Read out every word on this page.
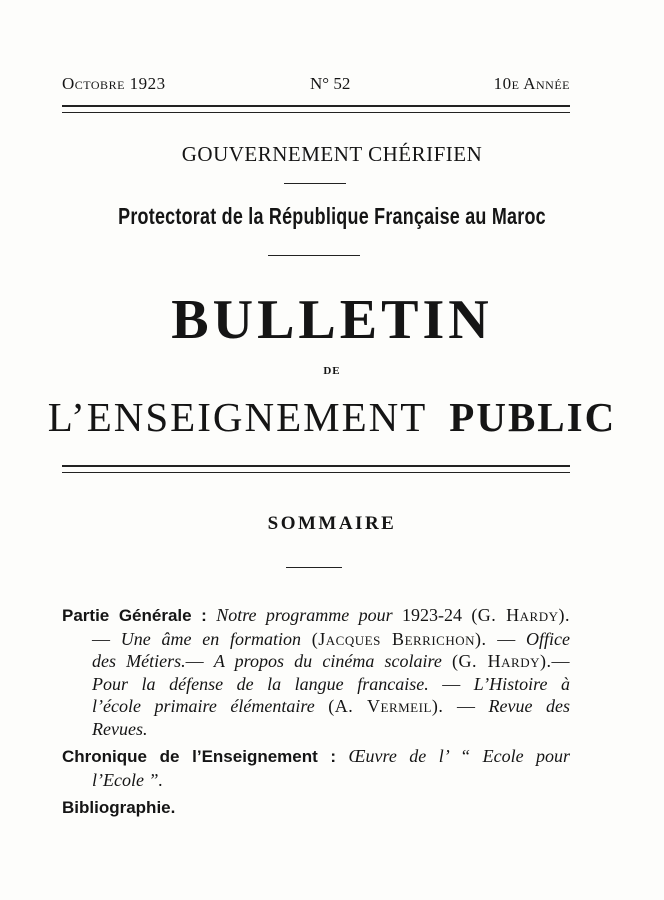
Octobre 1923	N° 52	10e Année
GOUVERNEMENT CHÉRIFIEN
Protectorat de la République Française au Maroc
BULLETIN
DE
L’ENSEIGNEMENT PUBLIC
SOMMAIRE
Partie Générale : Notre programme pour 1923-24 (G. Hardy).
— Une âme en formation (Jacques Berrichon). — Office
des Métiers.— A propos du cinéma scolaire (G. Hardy).—
Pour la défense de la langue francaise. — L’Histoire à
l’école primaire élémentaire (A. Vermeil). — Revue des
Revues.
Chronique de l’Enseignement : Œuvre de l’ “ Ecole pour
l’Ecole ”.
Bibliographie.
